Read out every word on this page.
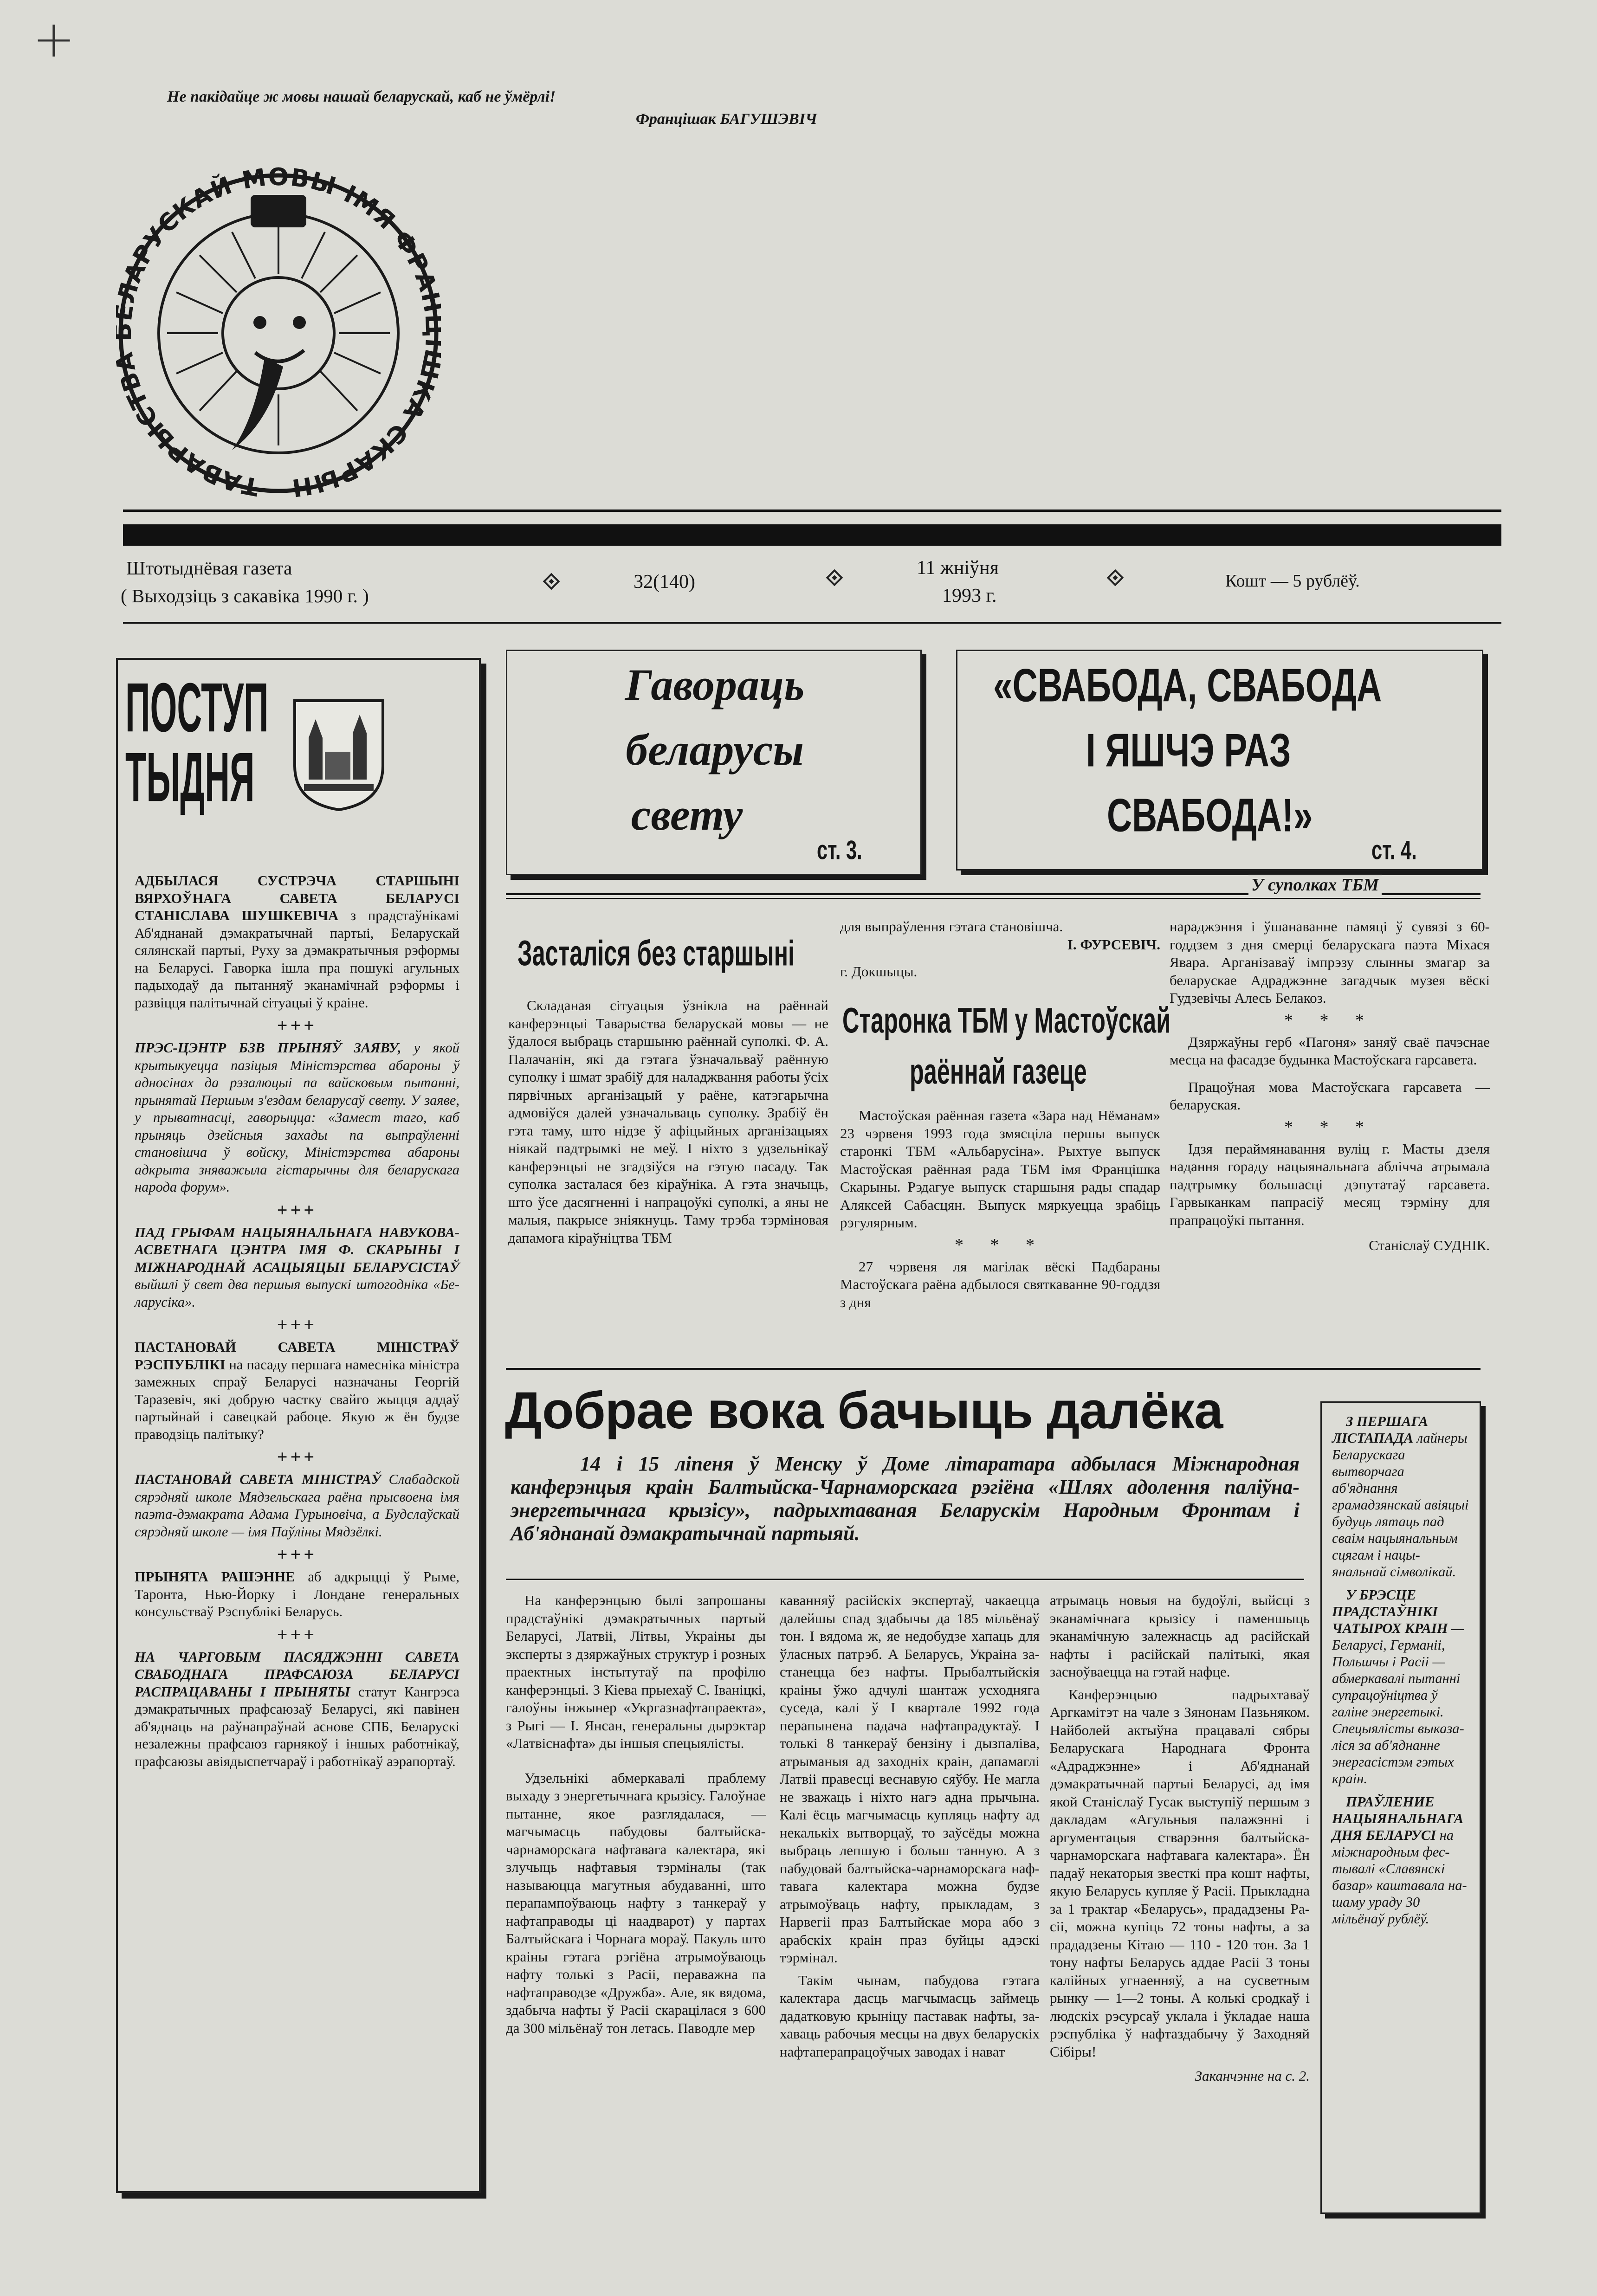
+
Не пакідайце ж мовы нашай беларускай, каб не ўмёрлі!
Францішак БАГУШЭВІЧ
ТАВАРЫСТВ АРУСКАЙ МОВЫ ІМЯ ФРА КА СКАРЫН
Штотыднёвая газета
( Выходзіць з сакавіка 1990 г. )
32(140)
11 жніўня
1993 г.
Кошт — 5 рублёў.
ПОСТУП
ТЫДНЯ
АДБЫЛАСЯ СУСТРЭЧА СТАРШЫНІ ВЯРХОЎНАГА САВЕТА БЕЛАРУСІ СТАНІСЛАВА ШУШКЕВІЧА з прадстаўнікамі Аб'яднанай дэмакратычнай партыі, Беларускай сялянскай партыі, Руху за дэмакратычныя рэформы на Беларусі. Гаворка ішла пра пошукі агульных падыходаў да пытанняў эканамічнай рэформы і развіцця палітычнай сітуацыі ў краіне.
+++
ПРЭС-ЦЭНТР БЗВ ПРЫНЯЎ ЗАЯВУ, у якой крытыкуецца пазіцыя Міністэрства абароны ў адносінах да рэзалюцыі па вайсковым пытанні, прынятай Першым з'ездам беларусаў свету. У заяве, у прыватнасці, гаворыцца: «Замест таго, каб прыняць дзейсныя захады па выпраўленні становішча ў войску, Міністэрства абароны адкрыта зняважыла гістарычны для беларускага народа форум».
+++
ПАД ГРЫФАМ НАЦЫЯНАЛЬНАГА НАВУКОВА-АСВЕТНАГА ЦЭНТРА ІМЯ Ф. СКАРЫНЫ І МІЖНАРОДНАЙ АСАЦЫЯЦЫІ БЕЛАРУСІСТАЎ выйшлі ў свет два першыя выпускі штогодніка «Беларусіка».
+++
ПАСТАНОВАЙ САВЕТА МІНІСТРАЎ РЭСПУБЛІКІ на пасаду першага намесніка міністра замежных спраў Беларусі назначаны Георгій Таразевіч, які добрую частку свайго жыцця аддаў партыйнай і савецкай рабоце. Якую ж ён будзе праводзіць палітыку?
+++
ПАСТАНОВАЙ САВЕТА МІНІСТРАЎ Слабадской сярэдняй школе Мядзельскага раёна прысвоена імя паэта-дэмакрата Адама Гурыновіча, а Будслаўскай сярэдняй школе — імя Паўліны Мядзёлкі.
+++
ПРЫНЯТА РАШЭННЕ аб адкрыцці ў Рыме, Таронта, Нью-Йорку і Лондане генеральных консульстваў Рэспублікі Беларусь.
+++
НА ЧАРГОВЫМ ПАСЯДЖЭННІ САВЕТА СВАБОДНАГА ПРАФСАЮЗА БЕЛАРУСІ РАСПРАЦАВАНЫ І ПРЫНЯТЫ статут Кангрэса дэмакратычных прафсаюзаў Беларусі, які павінен аб'яднаць на раўнапраўнай аснове СПБ, Беларускі незалежны прафсаюз гарнякоў і іншых работнікаў, прафсаюзы авіядыспетчараў і работнікаў аэрапортаў.
Гавораць
беларусы
свету
ст. 3.
«СВАБОДА, СВАБОДА
І ЯШЧЭ РАЗ
СВАБОДА!»
ст. 4.
У суполках ТБМ
Засталіся без старшыні

Складаная сітуацыя ўзнікла на раённай канферэнцыі Таварыства беларускай мовы — не ўдалося выбраць старшыню раённай суполкі. Ф. А. Палачанін, які да гэтага ўзначальваў раённую суполку і шмат зрабіў для наладжвання работы ўсіх пярвічных арганізацый у раёне, катэгарычна адмовіўся далей узначальваць суполку. Зрабіў ён гэта таму, што нідзе ў афіцыйных арганізацыях ніякай падтрымкі не меў. І ніхто з удзельнікаў канферэнцыі не згадзіўся на гэтую пасаду. Так суполка засталася без кіраўніка. А гэта значыць, што ўсе дасягненні і напрацоўкі суполкі, а яны не малыя, пакрысе зніякнуць. Таму трэба тэрміновая дапамога кіраўніцтва ТБМ

для выпраўлення гэтага становішча.

І. ФУРСЕВІЧ.
г. Докшыцы.
Старонка ТБМ у Мастоўскай
раённай газеце

Мастоўская раённая газета «Зара над Нёманам» 23 чэрвеня 1993 года змясціла першы выпуск старонкі ТБМ «Альбарусіна». Рыхтуе выпуск Мастоўская раённая рада ТБМ імя Францішка Скарыны. Рэдагуе выпуск старшыня рады спадар Аляксей Сабасцян. Выпуск мяркуецца зрабіць рэгулярным.

* * *

27 чэрвеня ля магілак вёскі Падбараны Мастоўскага раёна адбылося святкаванне 90-годдзя з дня

нараджэння і ўшанаванне памяці ў сувязі з 60-годдзем з дня смерці беларускага паэта Міхася Явара. Арганізаваў імпрэзу слынны змагар за беларускае Адраджэнне загадчык музея вёскі Гудзевічы Алесь Белакоз.

* * *

Дзяржаўны герб «Пагоня» заняў сваё пачэснае месца на фасадзе будынка Мастоўскага гарсавета.

Працоўная мова Мастоўскага гарсавета — беларуская.

* * *

Ідзя пераймянавання вуліц г. Масты дзеля надання гораду нацыянальнага аблічча атрымала падтрымку большасці дэпутатаў гарсавета. Гарвыканкам папрасіў месяц тэрміну для прапрацоўкі пытання.

Станіслаў СУДНІК.
Добрае вока бачыць далёка
14 і 15 ліпеня ў Менску ў Доме літаратара адбылася Міжнародная канферэнцыя краін Балтыйска-Чарнаморскага рэгіёна «Шлях адолення паліўна-энергетычнага крызісу», падрыхтаваная Беларускім Народным Фронтам і Аб'яднанай дэмакратычнай партыяй.

На канферэнцыю былі запрошаны прадстаўнікі дэмакратычных партый Беларусі, Латвіі, Літвы, Украіны ды эксперты з дзяржаўных структур і розных праектных інстытутаў па профілю канферэнцыі. З Кіева прыехаў С. Іваніцкі, галоўны інжынер «Укргазнафтапраекта», з Рыгі — І. Янсан, генеральны дырэктар «Латвіснафта» ды іншыя спецыялісты.

Удзельнікі абмеркавалі праблему выхаду з энергетычнага крызісу. Галоўнае пытанне, якое разглядалася, — магчымасць пабудовы балтыйска-чарнаморскага нафтавага калектара, які злучыць нафтавыя тэрміналы (так называюцца магутныя абудаванні, што перапампоўваюць нафту з танкераў у нафтаправоды ці наадварот) у партах Балтыйскага і Чорнага мораў. Пакуль што краіны гэтага рэгіёна атрымоўваюць нафту толькі з Расіі, пераважна па нафтаправодзе «Дружба». Але, як вядома, здабыча нафты ў Расіі скарацілася з 600 да 300 мільёнаў тон летась. Паводле мер

каванняў расійскіх экспертаў, чакаецца далейшы спад здабычы да 185 мільёнаў тон. І вядома ж, яе недобудзе хапаць для ўласных патрэб. А Беларусь, Украіна застанецца без нафты. Прыбалтыйскія краіны ўжо адчулі шантаж усходняга суседа, калі ў І квартале 1992 года перапынена падача нафтапрадуктаў. І толькі 8 танкераў бензіну і дызпаліва, атрыманыя ад заходніх краін, дапамаглі Латвіі правесці веснавую сяўбу. Не магла не зважаць і ніхто нагэ адна прычына. Калі ёсць магчымасць купляць нафту ад некалькіх вытворцаў, то заўсёды можна выбраць лепшую і больш танную. А з пабудовай балтыйска-чарнаморскага нафтавага калектара можна будзе атрымоўваць нафту, прыкладам, з Нарвегіі праз Балтыйскае мора або з арабскіх краін праз буйцы адэскі тэрмінал.

Такім чынам, пабудова гэтага калектара дасць магчымасць займець дадатковую крыніцу паставак нафты, захаваць рабочыя месцы на двух беларускіх нафтаперапрацоўчых заводах і нават

атрымаць новыя на будоўлі, выйсці з эканамічнага крызісу і паменшыць эканамічную залежнасць ад расійскай нафты і расійскай палітыкі, якая засноўваецца на гэтай нафце.

Канферэнцыю падрыхтаваў Аргкамітэт на чале з Зянонам Пазьняком. Найболей актыўна працавалі сябры Беларускага Народнага Фронта «Адраджэнне» і Аб'яднанай дэмакратычнай партыі Беларусі, ад імя якой Станіслаў Гусак выступіў першым з дакладам «Агульныя палажэнні і аргументацыя стварэння балтыйскачарнаморскага нафтавага калектара». Ён падаў некаторыя звесткі пра кошт нафты, якую Беларусь купляе ў Расіі. Прыкладна за 1 трактар «Беларусь», прададзены Расіі, можна купіць 72 тоны нафты, а за прададзены Кітаю — 110 - 120 тон. За 1 тону нафты Беларусь аддае Расіі 3 тоны калійных угнаенняў, а на сусветным рынку — 1—2 тоны. А колькі сродкаў і людскіх рэсурсаў уклала і ўкладае наша рэспубліка ў нафтаздабычу ў Заходняй Сібіры!

Заканчэнне на с. 2.
З ПЕРШАГА ЛІСТАПАДА лайнеры Беларускага вытворчага аб'яднання грамадзянскай авіяцыі будуць лятаць пад сваім нацыянальным сцягам і нацыянальнай сімволікай.
У БРЭСЦЕ ПРАДСТАЎНІКІ ЧАТЫРОХ КРАІН — Беларусі, Германіі, Польшчы і Расіі — абмеркавалі пытанні супрацоўніцтва ў галіне энергетыкі. Спецыялісты выказаліся за аб'яднанне энергасістэм гэтых краін.
ПРАЎЛЕНИЕ НАЦЫЯНАЛЬНАГА ДНЯ БЕЛАРУСІ на міжнародным фестывалі «Славянскі базар» каштавала нашаму ураду 30 мільёнаў рублёў.
